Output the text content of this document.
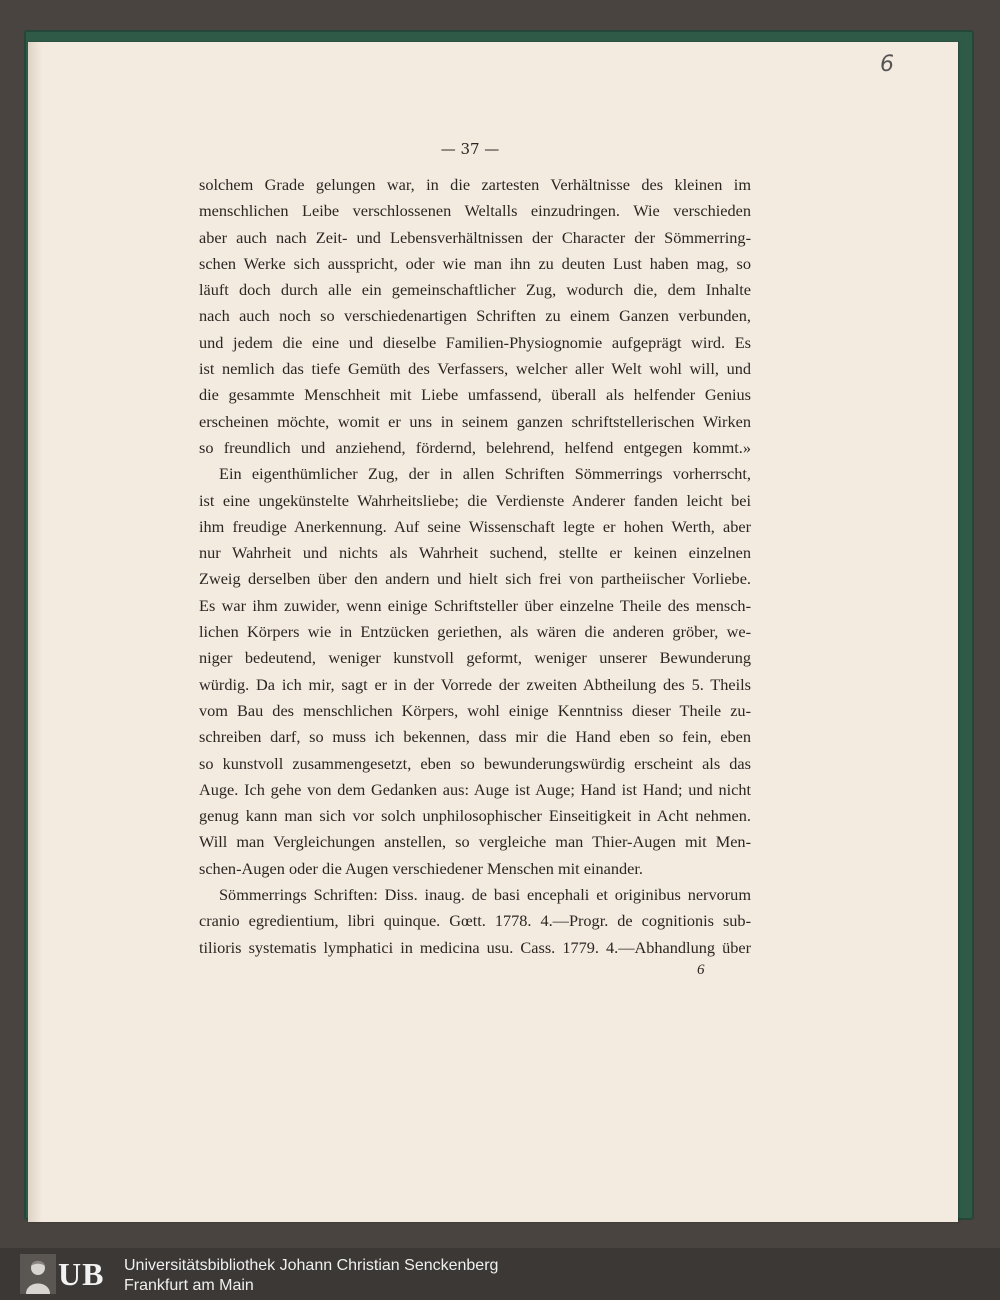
6
— 37 —
solchem Grade gelungen war, in die zartesten Verhältnisse des kleinen im
menschlichen Leibe verschlossenen Weltalls einzudringen. Wie verschieden
aber auch nach Zeit- und Lebensverhältnissen der Character der Sömmerring-
schen Werke sich ausspricht, oder wie man ihn zu deuten Lust haben mag, so
läuft doch durch alle ein gemeinschaftlicher Zug, wodurch die, dem Inhalte
nach auch noch so verschiedenartigen Schriften zu einem Ganzen verbunden,
und jedem die eine und dieselbe Familien-Physiognomie aufgeprägt wird. Es
ist nemlich das tiefe Gemüth des Verfassers, welcher aller Welt wohl will, und
die gesammte Menschheit mit Liebe umfassend, überall als helfender Genius
erscheinen möchte, womit er uns in seinem ganzen schriftstellerischen Wirken
so freundlich und anziehend, fördernd, belehrend, helfend entgegen kommt.»
Ein eigenthümlicher Zug, der in allen Schriften Sömmerrings vorherrscht,
ist eine ungekünstelte Wahrheitsliebe; die Verdienste Anderer fanden leicht bei
ihm freudige Anerkennung. Auf seine Wissenschaft legte er hohen Werth, aber
nur Wahrheit und nichts als Wahrheit suchend, stellte er keinen einzelnen
Zweig derselben über den andern und hielt sich frei von partheiischer Vorliebe.
Es war ihm zuwider, wenn einige Schriftsteller über einzelne Theile des mensch-
lichen Körpers wie in Entzücken geriethen, als wären die anderen gröber, we-
niger bedeutend, weniger kunstvoll geformt, weniger unserer Bewunderung
würdig. Da ich mir, sagt er in der Vorrede der zweiten Abtheilung des 5. Theils
vom Bau des menschlichen Körpers, wohl einige Kenntniss dieser Theile zu-
schreiben darf, so muss ich bekennen, dass mir die Hand eben so fein, eben
so kunstvoll zusammengesetzt, eben so bewunderungswürdig erscheint als das
Auge. Ich gehe von dem Gedanken aus: Auge ist Auge; Hand ist Hand; und nicht
genug kann man sich vor solch unphilosophischer Einseitigkeit in Acht nehmen.
Will man Vergleichungen anstellen, so vergleiche man Thier-Augen mit Men-
schen-Augen oder die Augen verschiedener Menschen mit einander.
Sömmerrings Schriften: Diss. inaug. de basi encephali et originibus nervorum
cranio egredientium, libri quinque. Gœtt. 1778. 4.—Progr. de cognitionis sub-
tilioris systematis lymphatici in medicina usu. Cass. 1779. 4.—Abhandlung über
6
UB Universitätsbibliothek Johann Christian Senckenberg
Frankfurt am Main
